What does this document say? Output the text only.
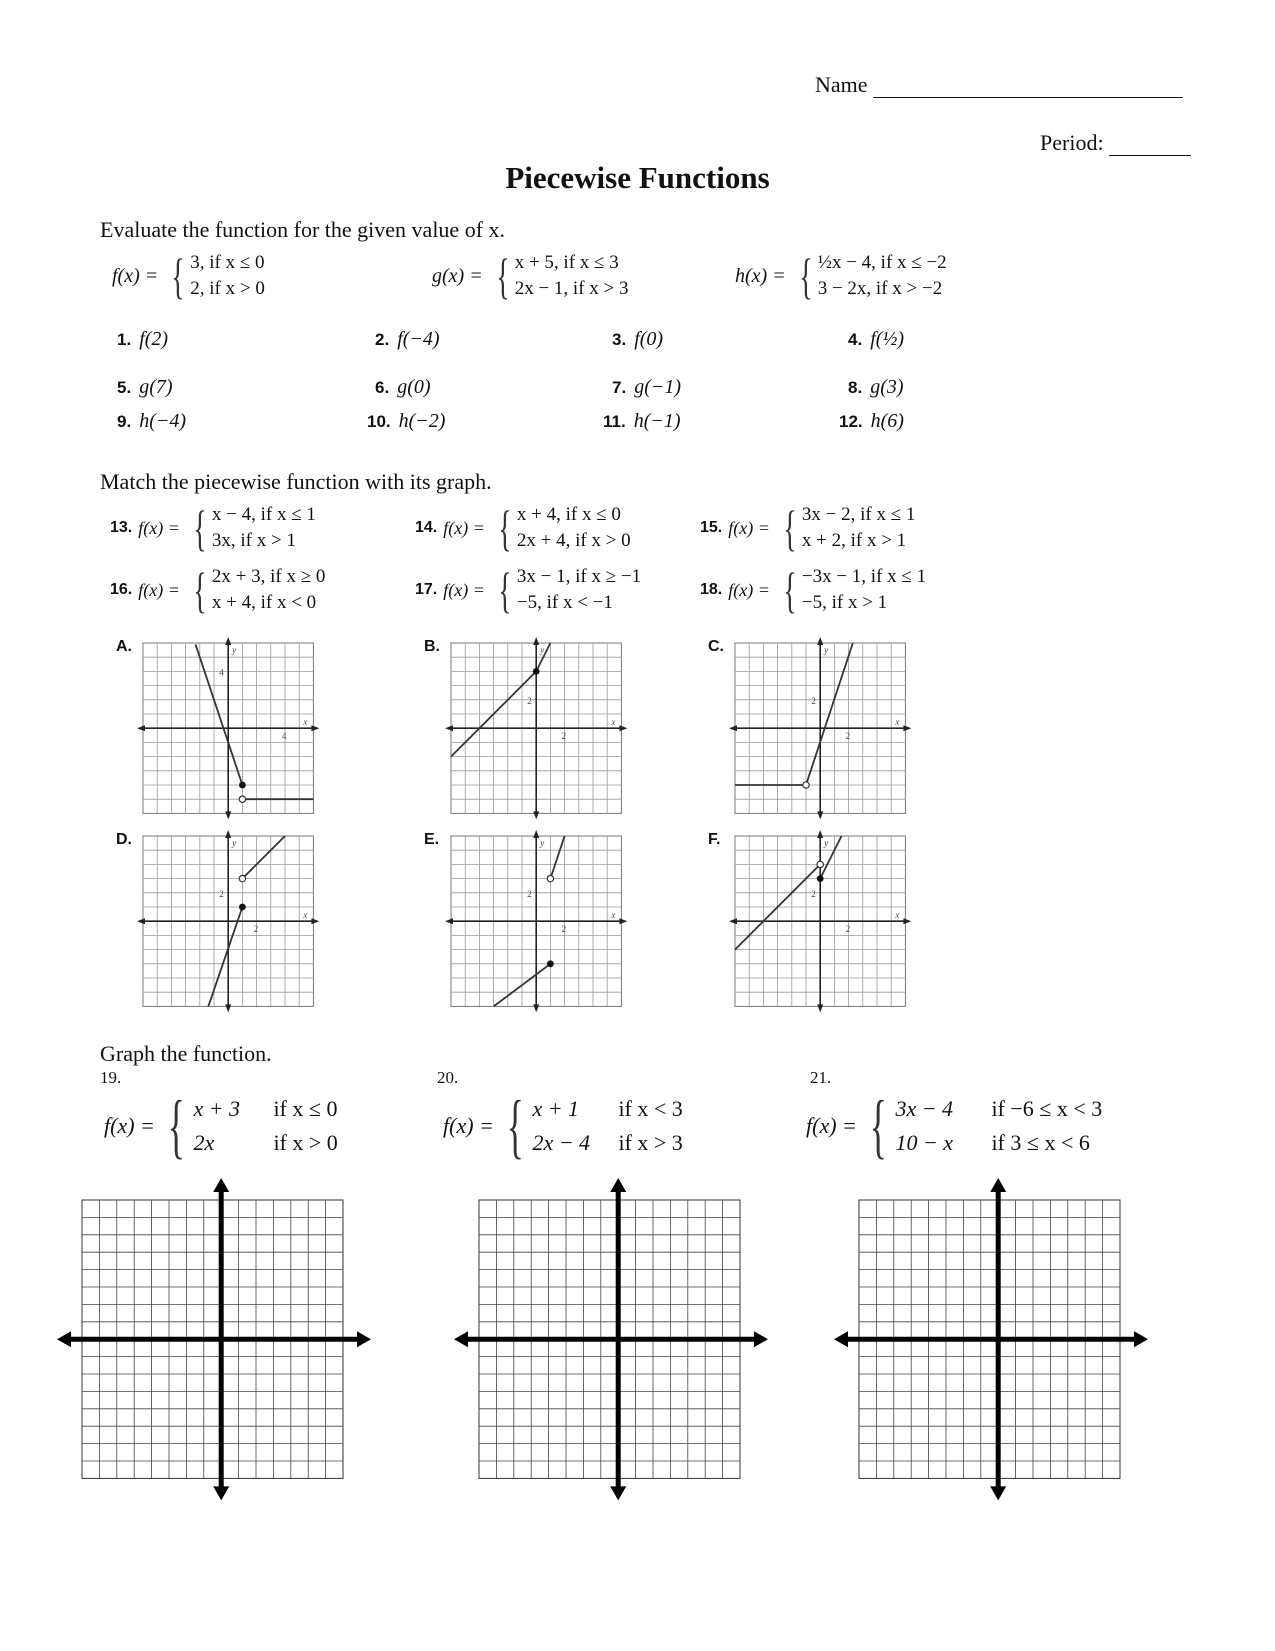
Name
Period:
Piecewise Functions
Evaluate the function for the given value of x.
f(x) = { 3, if x ≤ 0
2, if x > 0
g(x) = { x + 5, if x ≤ 3
2x − 1, if x > 3
h(x) = { ½x − 4, if x ≤ −2
3 − 2x, if x > −2
1. f(2)	2. f(−4)	3. f(0)	4. f(½)
5. g(7)	6. g(0)	7. g(−1)	8. g(3)
9. h(−4)	10. h(−2)	11. h(−1)	12. h(6)
Match the piecewise function with its graph.
13. f(x) = { x − 4, if x ≤ 1
3x, if x > 1
14. f(x) = { x + 4, if x ≤ 0
2x + 4, if x > 0
15. f(x) = { 3x − 2, if x ≤ 1
x + 2, if x > 1
16. f(x) = { 2x + 3, if x ≥ 0
x + 4, if x < 0
17. f(x) = { 3x − 1, if x ≥ −1
−5, if x < −1
18. f(x) = { −3x − 1, if x ≤ 1
−5, if x > 1
A.	B.	C.
D.	E.	F.
x
y
4
4
x
y
2
2
x
y
2
2
x
y
2
2
x
y
2
2
x
y
2
2
Graph the function.
19.	20.	21.
f(x) = { x + 3	if x ≤ 0
2x	if x > 0
f(x) = { x + 1	if x < 3
2x − 4	if x > 3
f(x) = { 3x − 4	if −6 ≤ x < 3
10 − x	if 3 ≤ x < 6
